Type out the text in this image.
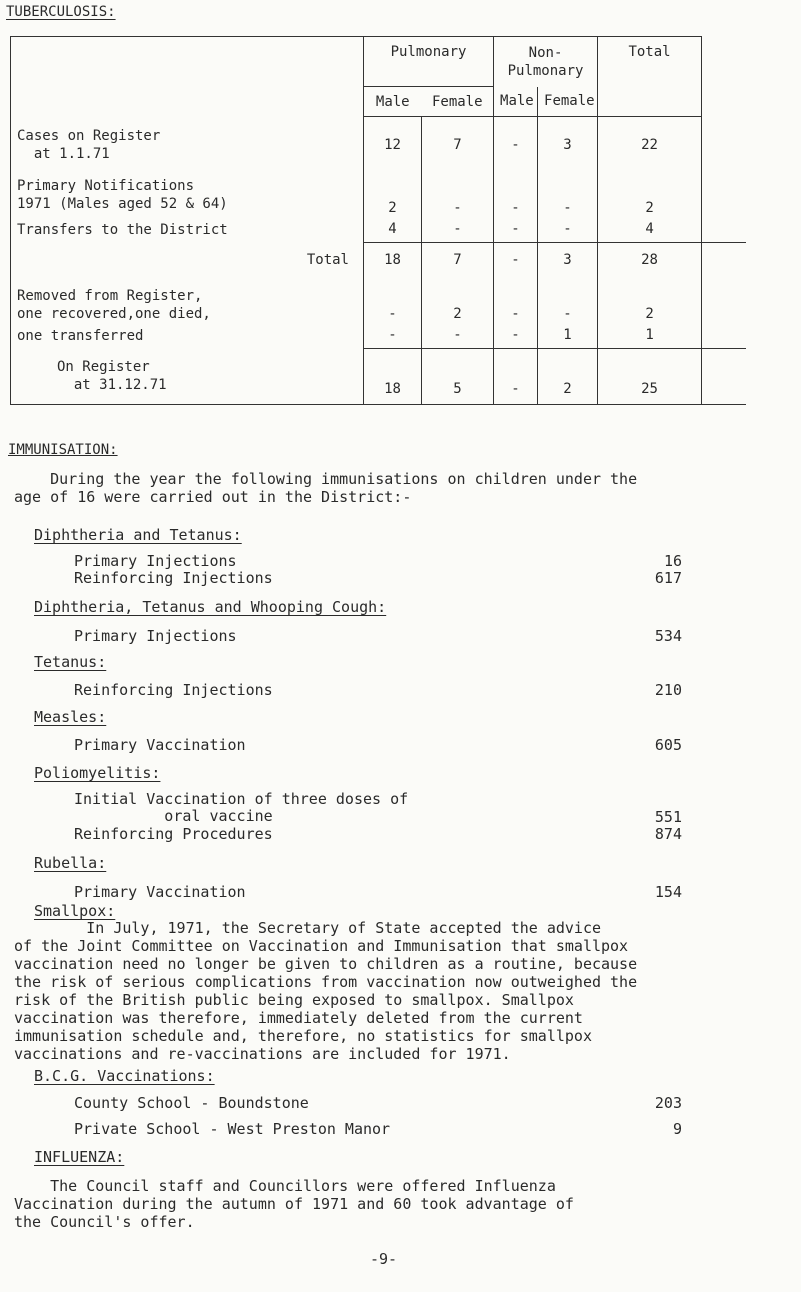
TUBERCULOSIS:
	Pulmonary		Non-
Pulmonary		Total	
	Male	Female	Male	Female		
Cases on Register
at 1.1.71	12	7	-	3	22	
Primary Notifications
1971 (Males aged 52 & 64)	2	-	-	-	2	
Transfers to the District	4	-	-	-	4	
Total	18	7	-	3	28	
Removed from Register,
one recovered,one died,	-	2	-	-	2	
one transferred	-	-	-	1	1	
On Register
at 31.12.71	18	5	-	2	25	
IMMUNISATION:
During the year the following immunisations on children under the
age of 16 were carried out in the District:-
Diphtheria and Tetanus:
Primary Injections	16
Reinforcing Injections	617
Diphtheria, Tetanus and Whooping Cough:
Primary Injections	534
Tetanus:
Reinforcing Injections	210
Measles:
Primary Vaccination	605
Poliomyelitis:
Initial Vaccination of three doses of
oral vaccine	551
Reinforcing Procedures	874
Rubella:
Primary Vaccination	154
Smallpox:
In July, 1971, the Secretary of State accepted the advice
of the Joint Committee on Vaccination and Immunisation that smallpox
vaccination need no longer be given to children as a routine, because
the risk of serious complications from vaccination now outweighed the
risk of the British public being exposed to smallpox. Smallpox
vaccination was therefore, immediately deleted from the current
immunisation schedule and, therefore, no statistics for smallpox
vaccinations and re-vaccinations are included for 1971.
B.C.G. Vaccinations:
County School - Boundstone	203
Private School - West Preston Manor	9
INFLUENZA:
The Council staff and Councillors were offered Influenza
Vaccination during the autumn of 1971 and 60 took advantage of
the Council's offer.
-9-
